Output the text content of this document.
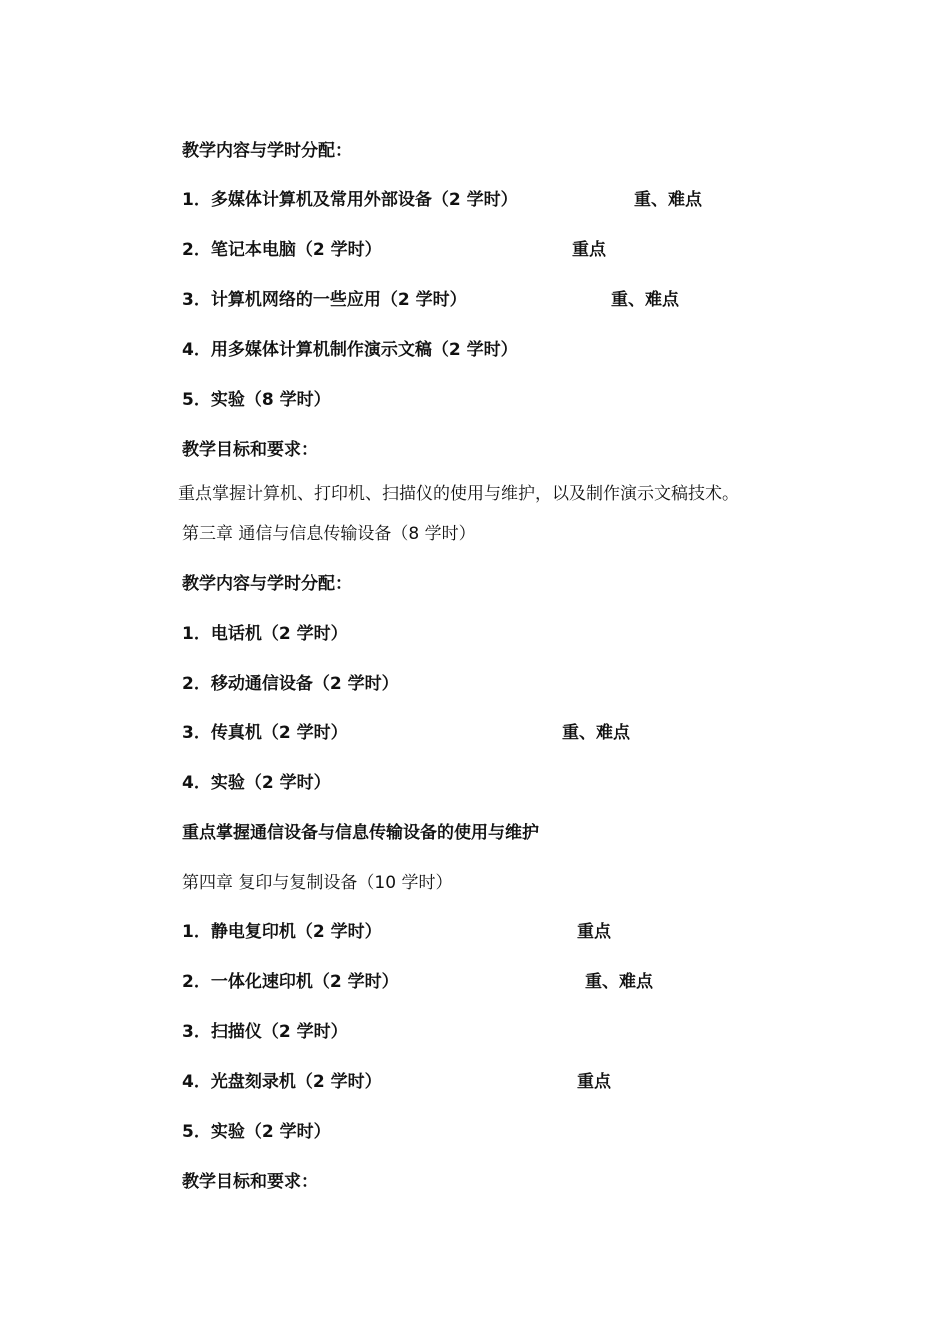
教学内容与学时分配：
1．多媒体计算机及常用外部设备（2 学时）	重、难点
2．笔记本电脑（2 学时）	重点
3．计算机网络的一些应用（2 学时）	重、难点
4．用多媒体计算机制作演示文稿（2 学时）
5．实验（8 学时）
教学目标和要求：
重点掌握计算机、打印机、扫描仪的使用与维护，以及制作演示文稿技术。
第三章 通信与信息传输设备（8 学时）
教学内容与学时分配：
1．电话机（2 学时）
2．移动通信设备（2 学时）
3．传真机（2 学时）	重、难点
4．实验（2 学时）
重点掌握通信设备与信息传输设备的使用与维护
第四章 复印与复制设备（10 学时）
1．静电复印机（2 学时）	重点
2．一体化速印机（2 学时）	重、难点
3．扫描仪（2 学时）
4．光盘刻录机（2 学时）	重点
5．实验（2 学时）
教学目标和要求：
